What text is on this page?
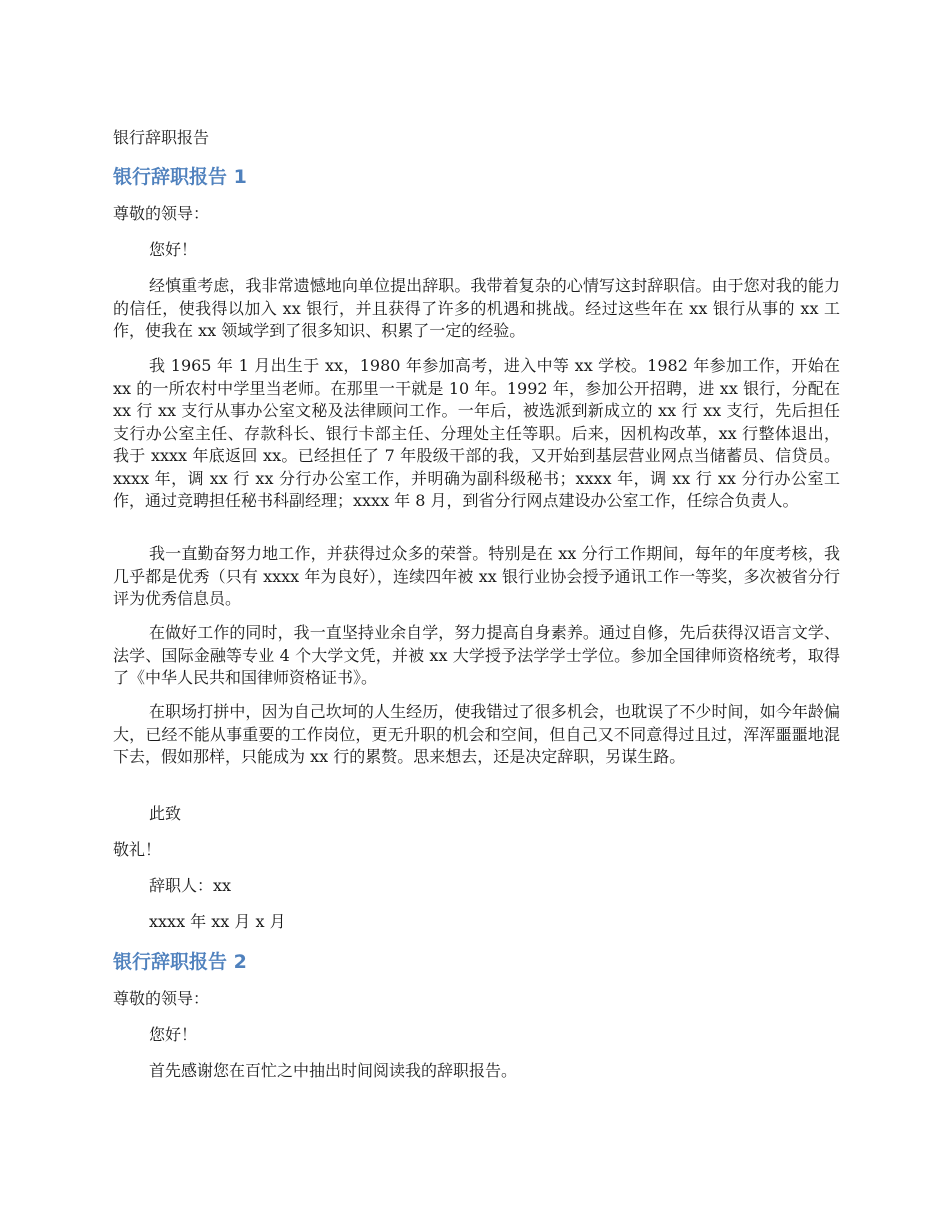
银行辞职报告
银行辞职报告 1

尊敬的领导：

您好！

经慎重考虑，我非常遗憾地向单位提出辞职。我带着复杂的心情写这封辞职信。由于您对我的能力的信任，使我得以加入 xx 银行，并且获得了许多的机遇和挑战。经过这些年在 xx 银行从事的 xx 工作，使我在 xx 领域学到了很多知识、积累了一定的经验。

我 1965 年 1 月出生于 xx，1980 年参加高考，进入中等 xx 学校。1982 年参加工作，开始在 xx 的一所农村中学里当老师。在那里一干就是 10 年。1992 年，参加公开招聘，进 xx 银行，分配在 xx 行 xx 支行从事办公室文秘及法律顾问工作。一年后，被选派到新成立的 xx 行 xx 支行，先后担任支行办公室主任、存款科长、银行卡部主任、分理处主任等职。后来，因机构改革，xx 行整体退出，我于 xxxx 年底返回 xx。已经担任了 7 年股级干部的我，又开始到基层营业网点当储蓄员、信贷员。xxxx 年，调 xx 行 xx 分行办公室工作，并明确为副科级秘书；xxxx 年，调 xx 行 xx 分行办公室工作，通过竞聘担任秘书科副经理；xxxx 年 8 月，到省分行网点建设办公室工作，任综合负责人。

我一直勤奋努力地工作，并获得过众多的荣誉。特别是在 xx 分行工作期间，每年的年度考核，我几乎都是优秀（只有 xxxx 年为良好），连续四年被 xx 银行业协会授予通讯工作一等奖，多次被省分行评为优秀信息员。

在做好工作的同时，我一直坚持业余自学，努力提高自身素养。通过自修，先后获得汉语言文学、法学、国际金融等专业 4 个大学文凭，并被 xx 大学授予法学学士学位。参加全国律师资格统考，取得了《中华人民共和国律师资格证书》。

在职场打拼中，因为自己坎坷的人生经历，使我错过了很多机会，也耽误了不少时间，如今年龄偏大，已经不能从事重要的工作岗位，更无升职的机会和空间，但自己又不同意得过且过，浑浑噩噩地混下去，假如那样，只能成为 xx 行的累赘。思来想去，还是决定辞职，另谋生路。

此致

敬礼！

辞职人：xx

xxxx 年 xx 月 x 月

银行辞职报告 2

尊敬的领导：

您好！

首先感谢您在百忙之中抽出时间阅读我的辞职报告。
